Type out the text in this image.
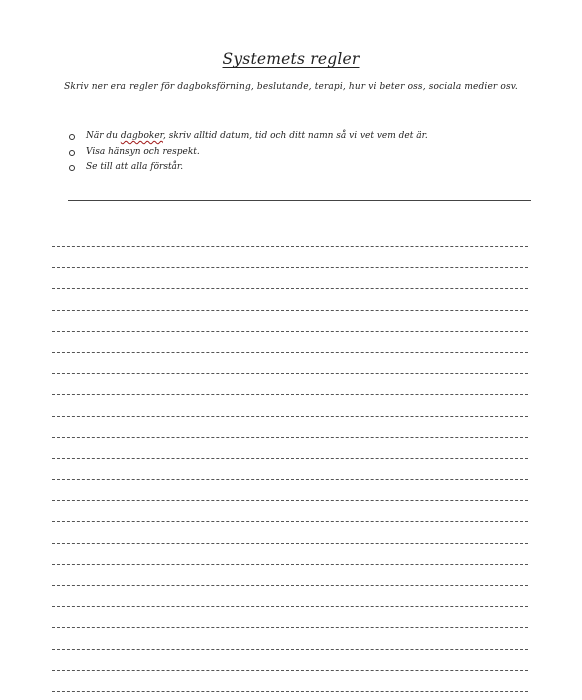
Systemets regler
Skriv ner era regler för dagboksförning, beslutande, terapi, hur vi beter oss, sociala medier osv.
När du dagboker, skriv alltid datum, tid och ditt namn så vi vet vem det är.
Visa hänsyn och respekt.
Se till att alla förstår.
